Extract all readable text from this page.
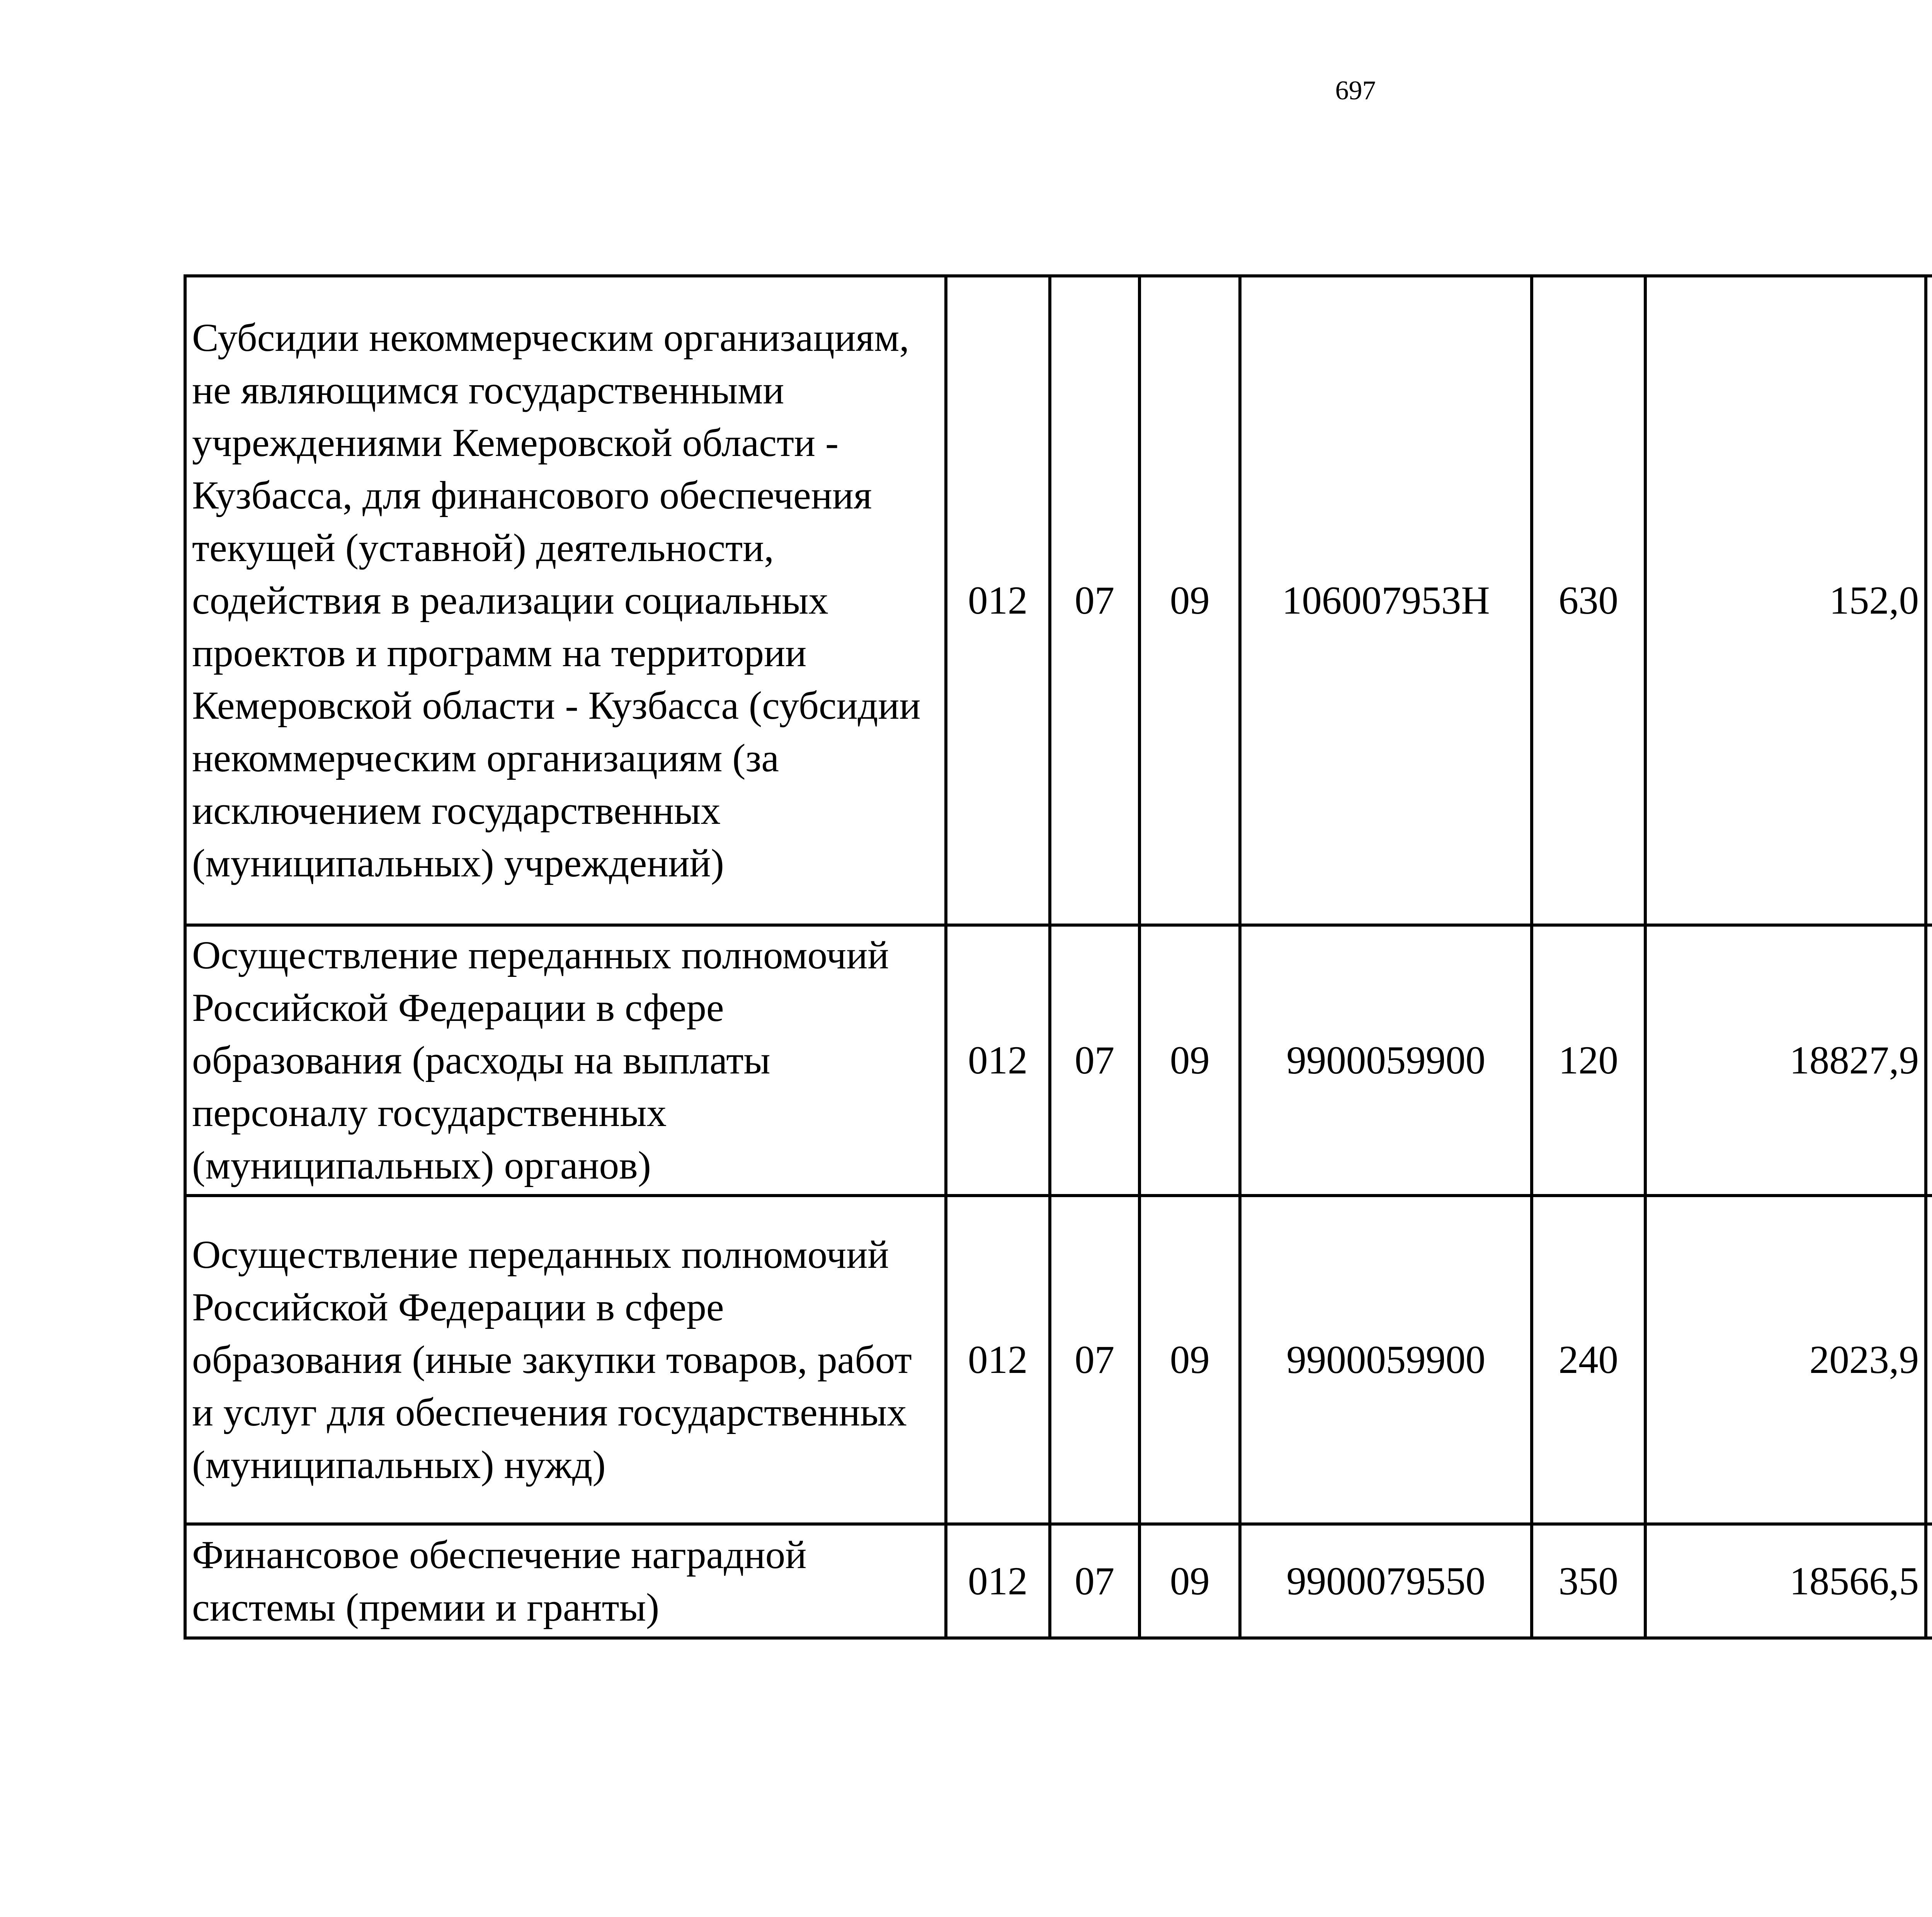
697
Субсидии некоммерческим организациям, не являющимся государственными учреждениями Кемеровской области - Кузбасса, для финансового обеспечения текущей (уставной) деятельности, содействия в реализации социальных проектов и программ на территории Кемеровской области - Кузбасса (субсидии некоммерческим организациям (за исключением государственных (муниципальных) учреждений)	012	07	09	106007953Н	630	152,0		
Осуществление переданных полномочий Российской Федерации в сфере образования (расходы на выплаты персоналу государственных (муниципальных) органов)	012	07	09	9900059900	120	18827,9		
Осуществление переданных полномочий Российской Федерации в сфере образования (иные закупки товаров, работ и услуг для обеспечения государственных (муниципальных) нужд)	012	07	09	9900059900	240	2023,9		
Финансовое обеспечение наградной системы (премии и гранты)	012	07	09	9900079550	350	18566,5		
